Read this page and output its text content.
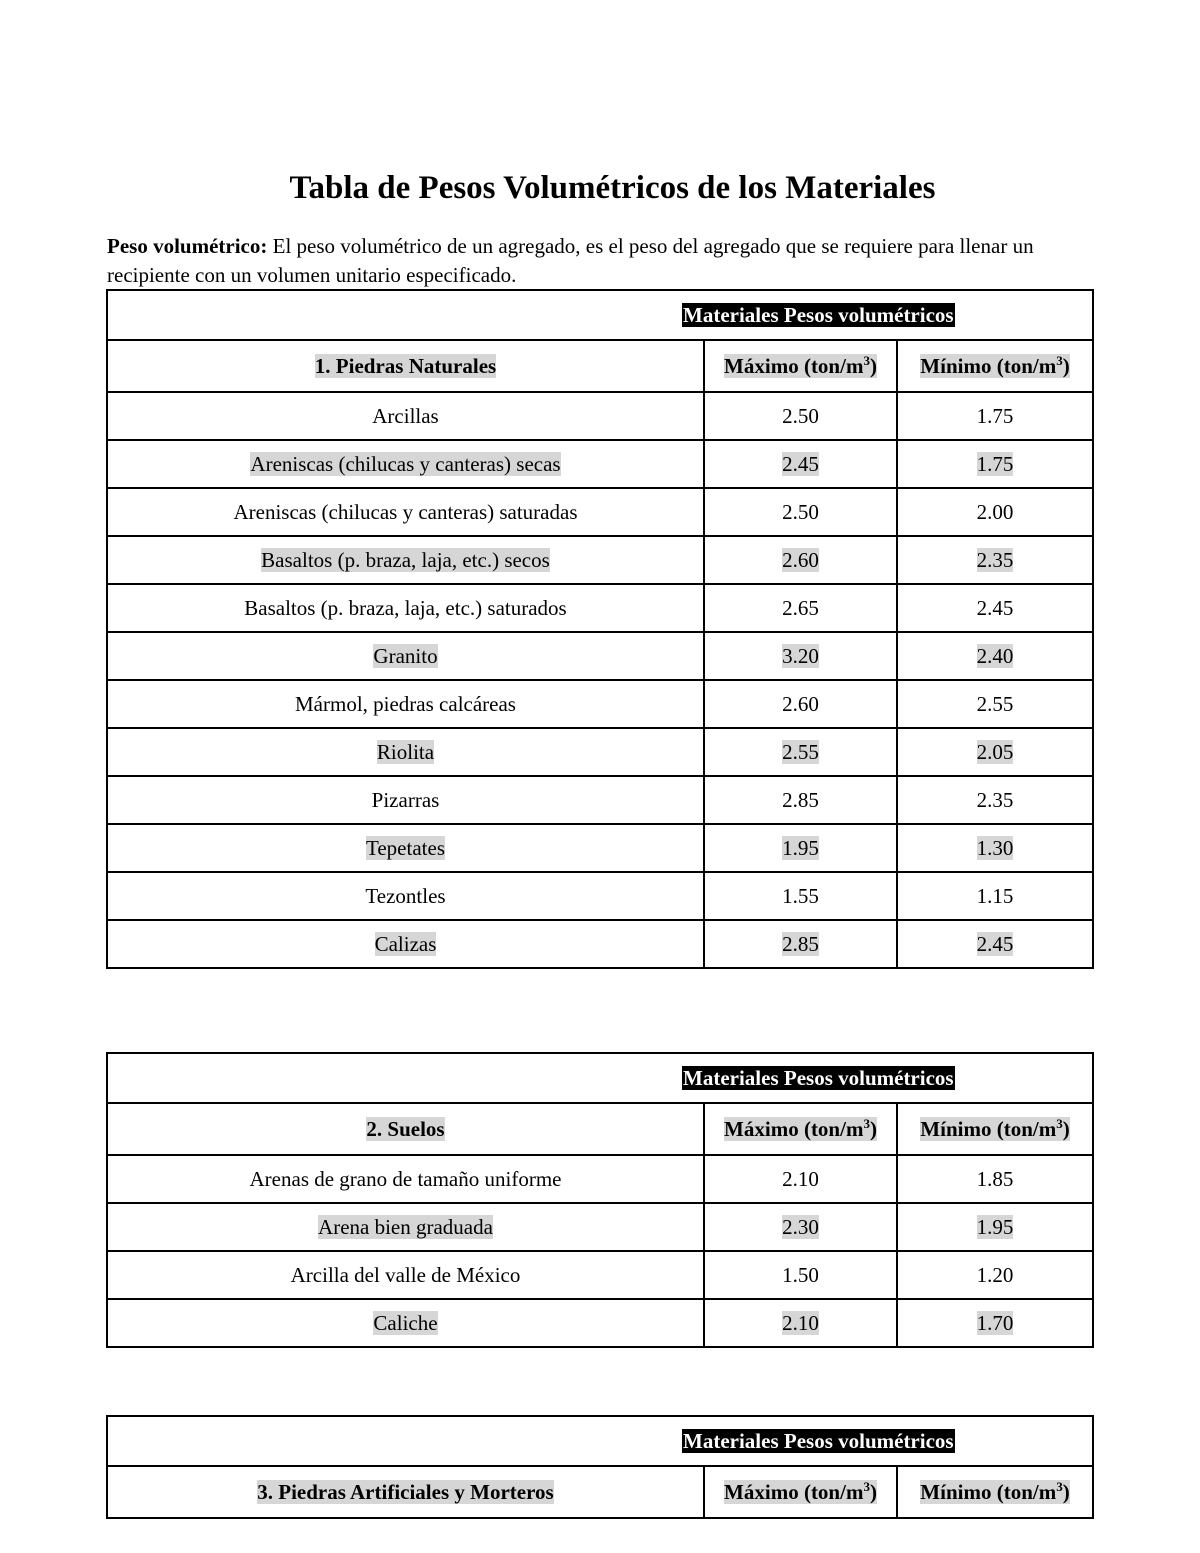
Tabla de Pesos Volumétricos de los Materiales

Peso volumétrico: El peso volumétrico de un agregado, es el peso del agregado que se requiere para llenar un recipiente con un volumen unitario especificado.

	Materiales Pesos volumétricos	
1. Piedras Naturales	Máximo $(ton/m^3)$	Mínimo $(ton/m^3)$
Arcillas	2.50	1.75
Areniscas (chilucas y canteras) secas	2.45	1.75
Areniscas (chilucas y canteras) saturadas	2.50	2.00
Basaltos (p. braza, laja, etc.) secos	2.60	2.35
Basaltos (p. braza, laja, etc.) saturados	2.65	2.45
Granito	3.20	2.40
Mármol, piedras calcáreas	2.60	2.55
Riolita	2.55	2.05
Pizarras	2.85	2.35
Tepetates	1.95	1.30
Tezontles	1.55	1.15
Calizas	2.85	2.45
	Materiales Pesos volumétricos	
2. Suelos	Máximo $(ton/m^3)$	Mínimo $(ton/m^3)$
Arenas de grano de tamaño uniforme	2.10	1.85
Arena bien graduada	2.30	1.95
Arcilla del valle de México	1.50	1.20
Caliche	2.10	1.70
	Materiales Pesos volumétricos	
3. Piedras Artificiales y Morteros	Máximo $(ton/m^3)$	Mínimo $(ton/m^3)$
